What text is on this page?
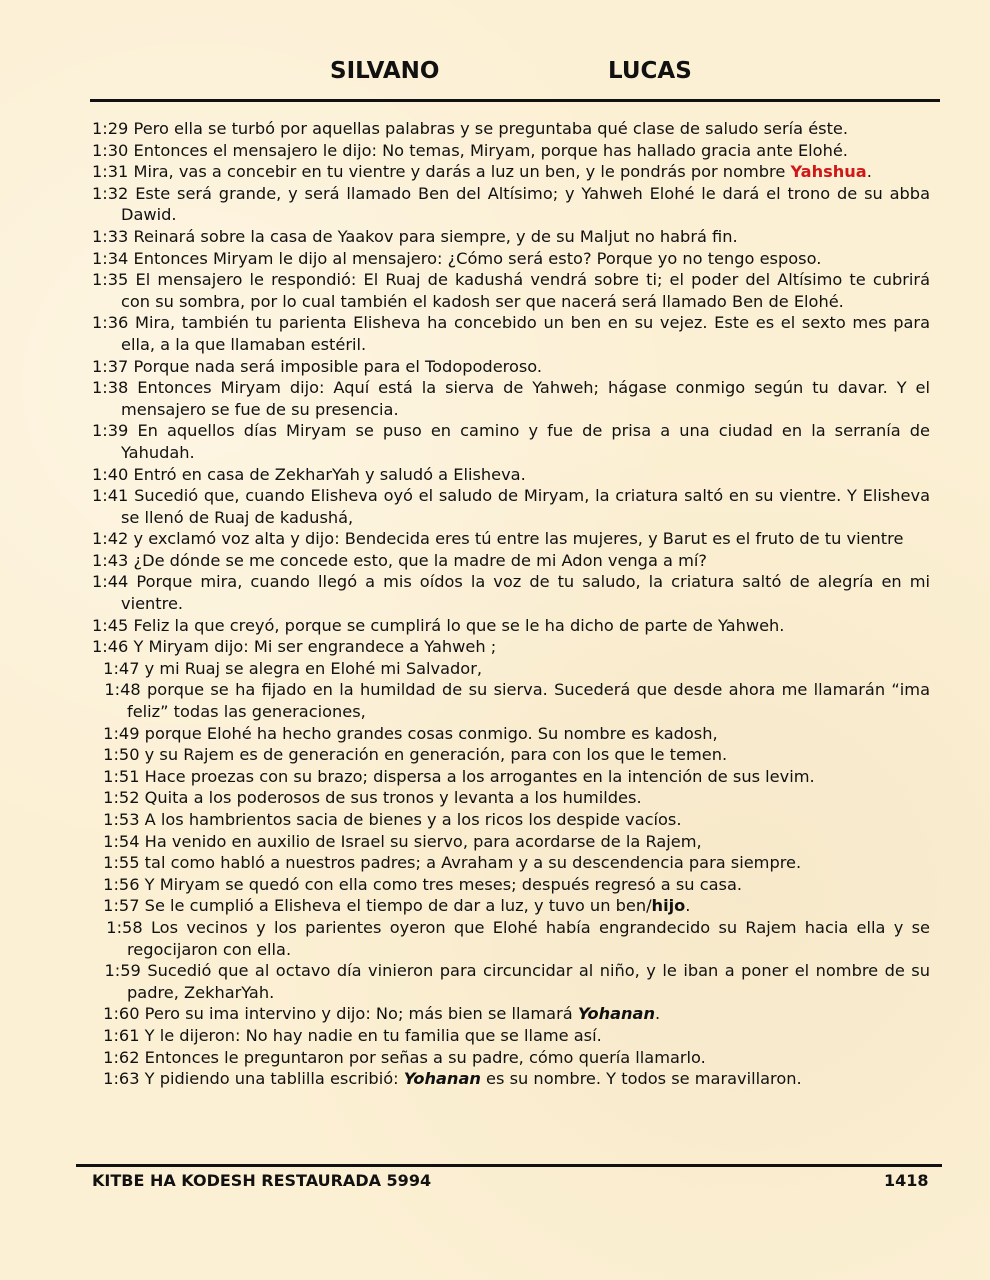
SILVANO	LUCAS
1:29 Pero ella se turbó por aquellas palabras y se preguntaba qué clase de saludo sería éste.
1:30 Entonces el mensajero le dijo: No temas, Miryam, porque has hallado gracia ante Elohé.
1:31 Mira, vas a concebir en tu vientre y darás a luz un ben, y le pondrás por nombre Yahshua.
1:32 Este será grande, y será llamado Ben del Altísimo; y Yahweh Elohé le dará el trono de su abba Dawid.
1:33 Reinará sobre la casa de Yaakov para siempre, y de su Maljut no habrá fin.
1:34 Entonces Miryam le dijo al mensajero: ¿Cómo será esto? Porque yo no tengo esposo.
1:35 El mensajero le respondió: El Ruaj de kadushá vendrá sobre ti; el poder del Altísimo te cubrirá con su sombra, por lo cual también el kadosh ser que nacerá será llamado Ben de Elohé.
1:36 Mira, también tu parienta Elisheva ha concebido un ben en su vejez. Este es el sexto mes para ella, a la que llamaban estéril.
1:37 Porque nada será imposible para el Todopoderoso.
1:38 Entonces Miryam dijo: Aquí está la sierva de Yahweh; hágase conmigo según tu davar. Y el mensajero se fue de su presencia.
1:39 En aquellos días Miryam se puso en camino y fue de prisa a una ciudad en la serranía de Yahudah.
1:40 Entró en casa de ZekharYah y saludó a Elisheva.
1:41 Sucedió que, cuando Elisheva oyó el saludo de Miryam, la criatura saltó en su vientre. Y Elisheva se llenó de Ruaj de kadushá,
1:42 y exclamó voz alta y dijo: Bendecida eres tú entre las mujeres, y Barut es el fruto de tu vientre
1:43 ¿De dónde se me concede esto, que la madre de mi Adon venga a mí?
1:44 Porque mira, cuando llegó a mis oídos la voz de tu saludo, la criatura saltó de alegría en mi vientre.
1:45 Feliz la que creyó, porque se cumplirá lo que se le ha dicho de parte de Yahweh.
1:46 Y Miryam dijo: Mi ser engrandece a Yahweh ;
1:47 y mi Ruaj se alegra en Elohé mi Salvador,
1:48 porque se ha fijado en la humildad de su sierva. Sucederá que desde ahora me llamarán “ima feliz” todas las generaciones,
1:49 porque Elohé ha hecho grandes cosas conmigo. Su nombre es kadosh,
1:50 y su Rajem es de generación en generación, para con los que le temen.
1:51 Hace proezas con su brazo; dispersa a los arrogantes en la intención de sus levim.
1:52 Quita a los poderosos de sus tronos y levanta a los humildes.
1:53 A los hambrientos sacia de bienes y a los ricos los despide vacíos.
1:54 Ha venido en auxilio de Israel su siervo, para acordarse de la Rajem,
1:55 tal como habló a nuestros padres; a Avraham y a su descendencia para siempre.
1:56 Y Miryam se quedó con ella como tres meses; después regresó a su casa.
1:57 Se le cumplió a Elisheva el tiempo de dar a luz, y tuvo un ben/hijo.
1:58 Los vecinos y los parientes oyeron que Elohé había engrandecido su Rajem hacia ella y se regocijaron con ella.
1:59 Sucedió que al octavo día vinieron para circuncidar al niño, y le iban a poner el nombre de su padre, ZekharYah.
1:60 Pero su ima intervino y dijo: No; más bien se llamará Yohanan.
1:61 Y le dijeron: No hay nadie en tu familia que se llame así.
1:62 Entonces le preguntaron por señas a su padre, cómo quería llamarlo.
1:63 Y pidiendo una tablilla escribió: Yohanan es su nombre. Y todos se maravillaron.
KITBE HA KODESH RESTAURADA 5994	1418
